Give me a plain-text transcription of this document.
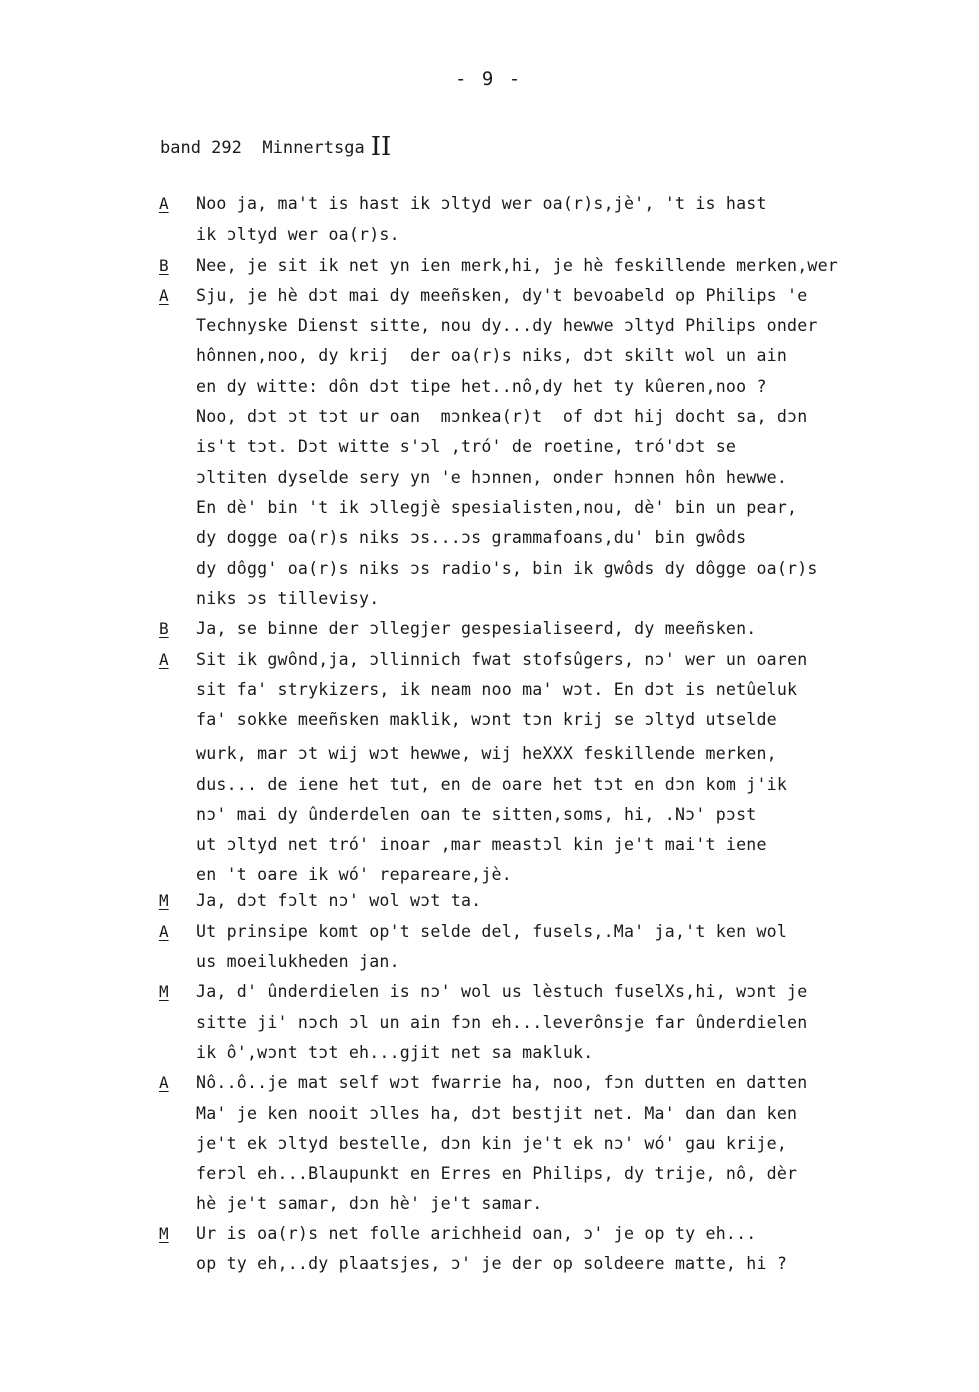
- 9 -
band 292 Minnertsga II
A	Noo ja, ma't is hast ik ɔltyd wer oa(r)s,jè', 't is hast
ik ɔltyd wer oa(r)s.
B	Nee, je sit ik net yn ien merk,hi, je hè feskillende merken,wer
A	Sju, je hè dɔt mai dy meeñsken, dy't bevoabeld op Philips 'e
Technyske Dienst sitte, nou dy...dy hewwe ɔltyd Philips onder
hônnen,noo, dy krij  der oa(r)s niks, dɔt skilt wol un ain
en dy witte: dôn dɔt tipe het..nô,dy het ty kûeren,noo ?
Noo, dɔt ɔt tɔt ur oan  mɔnkea(r)t  of dɔt hij docht sa, dɔn
is't tɔt. Dɔt witte s'ɔl ,tró' de roetine, tró'dɔt se
ɔltiten dyselde sery yn 'e hɔnnen, onder hɔnnen hôn hewwe.
En dè' bin 't ik ɔllegjè spesialisten,nou, dè' bin un pear,
dy dogge oa(r)s niks ɔs...ɔs grammafoans,du' bin gwôds
dy dôgg' oa(r)s niks ɔs radio's, bin ik gwôds dy dôgge oa(r)s
niks ɔs tillevisy.
B	Ja, se binne der ɔllegjer gespesialiseerd, dy meeñsken.
A	Sit ik gwônd,ja, ɔllinnich fwat stofsûgers, nɔ' wer un oaren
sit fa' strykizers, ik neam noo ma' wɔt. En dɔt is netûeluk
fa' sokke meeñsken maklik, wɔnt tɔn krij se ɔltyd utselde
wurk, mar ɔt wij wɔt hewwe, wij heXXX feskillende merken,
dus... de iene het tut, en de oare het tɔt en dɔn kom j'ik
nɔ' mai dy ûnderdelen oan te sitten,soms, hi, .Nɔ' pɔst
ut ɔltyd net tró' inoar ,mar meastɔl kin je't mai't iene
en 't oare ik wó' repareare,jè.
M	Ja, dɔt fɔlt nɔ' wol wɔt ta.
A	Ut prinsipe komt op't selde del, fusels,.Ma' ja,'t ken wol
us moeilukheden jan.
M	Ja, d' ûnderdielen is nɔ' wol us lèstuch fuselXs,hi, wɔnt je
sitte ji' nɔch ɔl un ain fɔn eh...leverônsje far ûnderdielen
ik ô',wɔnt tɔt eh...gjit net sa makluk.
A	Nô..ô..je mat self wɔt fwarrie ha, noo, fɔn dutten en datten
Ma' je ken nooit ɔlles ha, dɔt bestjit net. Ma' dan dan ken
je't ek ɔltyd bestelle, dɔn kin je't ek nɔ' wó' gau krije,
ferɔl eh...Blaupunkt en Erres en Philips, dy trije, nô, dèr
hè je't samar, dɔn hè' je't samar.
M	Ur is oa(r)s net folle arichheid oan, ɔ' je op ty eh...
op ty eh,..dy plaatsjes, ɔ' je der op soldeere matte, hi ?
